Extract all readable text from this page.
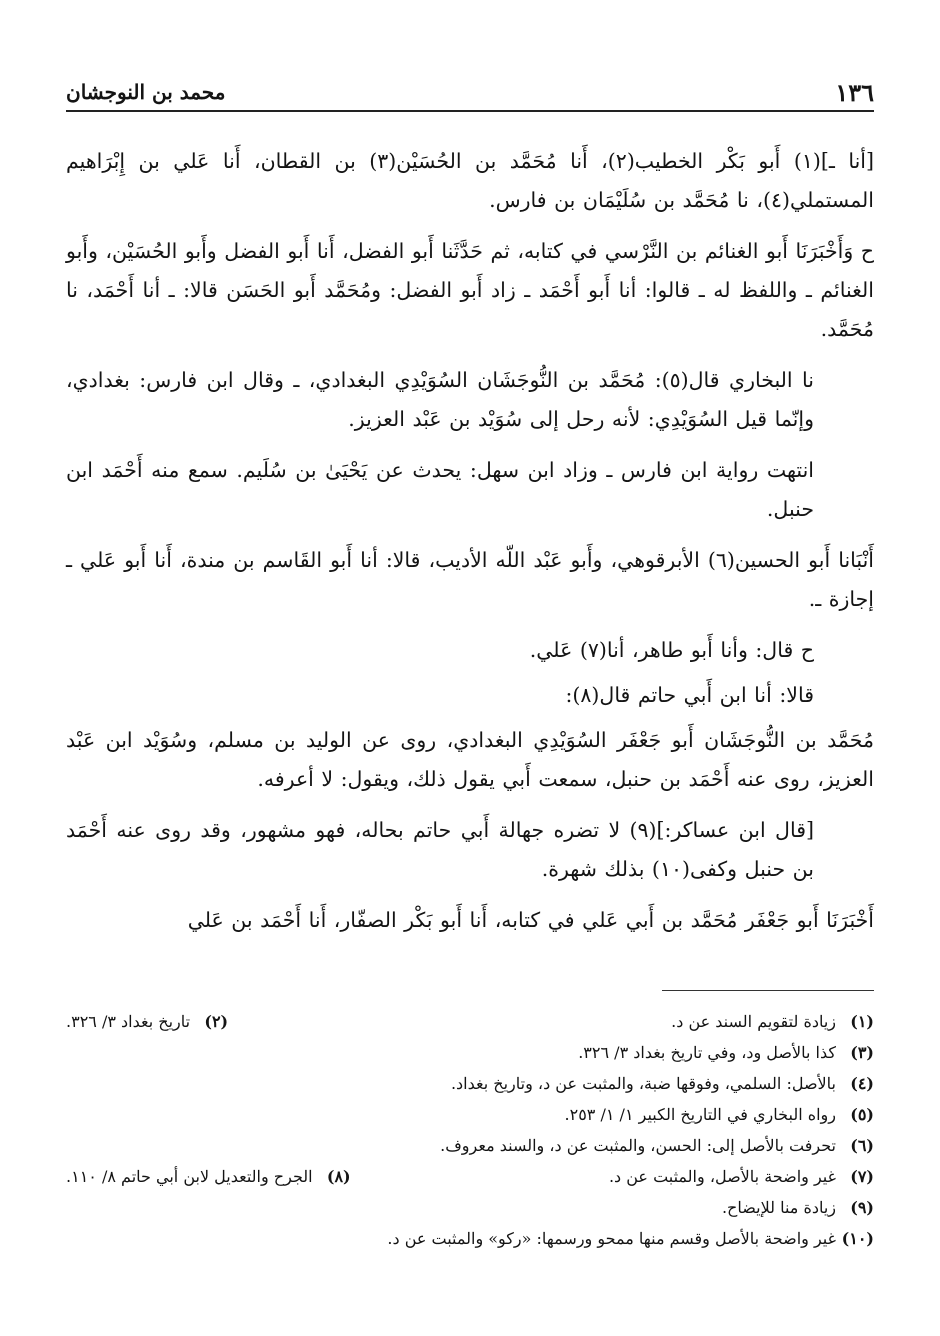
١٣٦
محمد بن النوجشان

[أنا ـ](١) أَبو بَكْر الخطيب(٢)، أَنا مُحَمَّد بن الحُسَيْن(٣) بن القطان، أَنا عَلي بن إِبْرَاهيم المستملي(٤)، نا مُحَمَّد بن سُلَيْمَان بن فارس.

ح وَأَخْبَرَنَا أَبو الغنائم بن النَّرْسي في كتابه، ثم حَدَّثَنا أَبو الفضل، أَنا أَبو الفضل وأَبو الحُسَيْن، وأَبو الغنائم ـ واللفظ له ـ قالوا: أنا أَبو أَحْمَد ـ زاد أَبو الفضل: ومُحَمَّد أَبو الحَسَن قالا: ـ أنا أَحْمَد، نا مُحَمَّد.

نا البخاري قال(٥): مُحَمَّد بن النُّوجَشَان السُوَيْدِي البغدادي، ـ وقال ابن فارس: بغدادي، وإنّما قيل السُوَيْدِي: لأنه رحل إلى سُوَيْد بن عَبْد العزيز.

انتهت رواية ابن فارس ـ وزاد ابن سهل: يحدث عن يَحْيَىٰ بن سُلَيم. سمع منه أَحْمَد ابن حنبل.

أَنْبَانا أَبو الحسين(٦) الأبرقوهي، وأَبو عَبْد اللّه الأديب، قالا: أنا أَبو القَاسم بن مندة، أَنا أَبو عَلي ـ إجازة ـ.

ح قال: وأنا أَبو طاهر، أنا(٧) عَلي.

قالا: أنا ابن أَبي حاتم قال(٨):

مُحَمَّد بن النُّوجَشَان أَبو جَعْفَر السُوَيْدِي البغدادي، روى عن الوليد بن مسلم، وسُوَيْد ابن عَبْد العزيز، روى عنه أَحْمَد بن حنبل، سمعت أَبي يقول ذلك، ويقول: لا أعرفه.

[قال ابن عساكر:](٩) لا تضره جهالة أَبي حاتم بحاله، فهو مشهور، وقد روى عنه أَحْمَد بن حنبل وكفى(١٠) بذلك شهرة.

أَخْبَرَنَا أَبو جَعْفَر مُحَمَّد بن أَبي عَلي في كتابه، أَنا أَبو بَكْر الصفّار، أَنا أَحْمَد بن عَلي

(١)زيادة لتقويم السند عن د.
(٢)تاريخ بغداد ٣/ ٣٢٦.
(٣)كذا بالأصل ود، وفي تاريخ بغداد ٣/ ٣٢٦.
(٤)بالأصل: السلمي، وفوقها ضبة، والمثبت عن د، وتاريخ بغداد.
(٥)رواه البخاري في التاريخ الكبير ١/ ١/ ٢٥٣.
(٦)تحرفت بالأصل إلى: الحسن، والمثبت عن د، والسند معروف.
(٧)غير واضحة بالأصل، والمثبت عن د.
(٨)الجرح والتعديل لابن أبي حاتم ٨/ ١١٠.
(٩)زيادة منا للإيضاح.
(١٠)غير واضحة بالأصل وقسم منها ممحو ورسمها: «ركو» والمثبت عن د.
